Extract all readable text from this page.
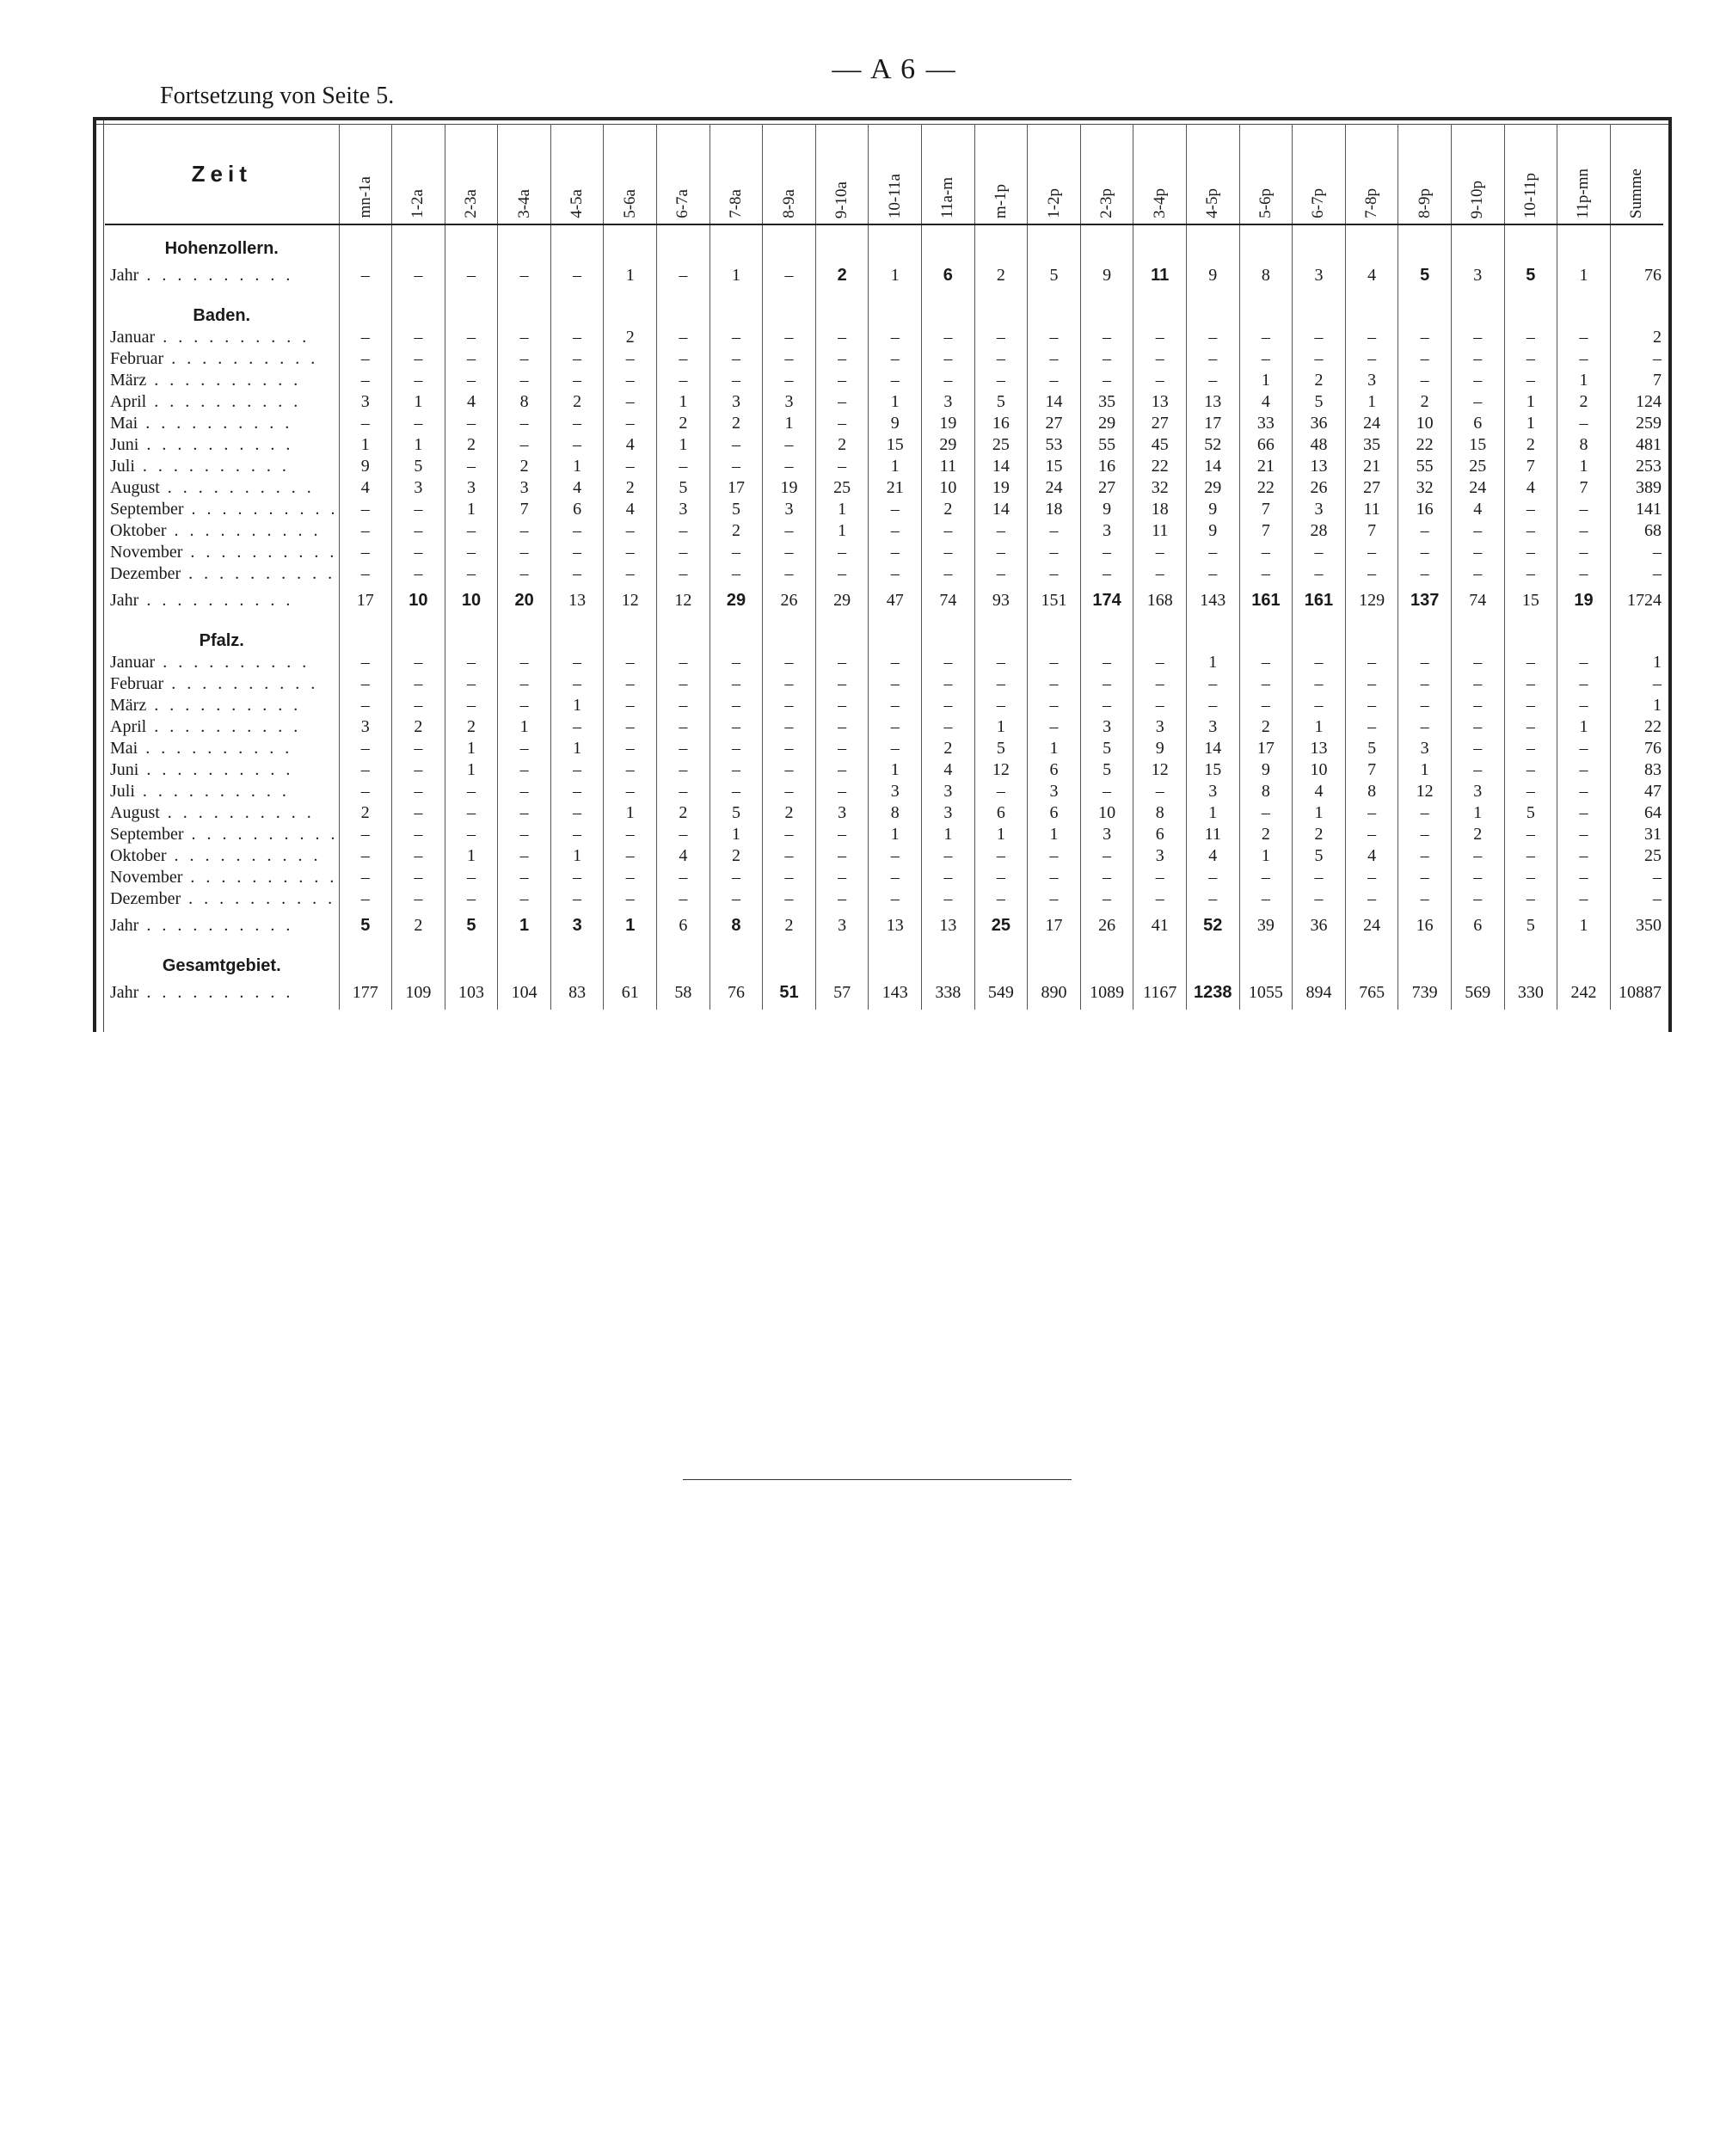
— A 6 —
Fortsetzung von Seite 5.
Zeit	mn-1a	1-2a	2-3a	3-4a	4-5a	5-6a	6-7a	7-8a	8-9a	9-10a	10-11a	11a-m	m-1p	1-2p	2-3p	3-4p	4-5p	5-6p	6-7p	7-8p	8-9p	9-10p	10-11p	11p-mn	Summe
Hohenzollern.																									
Jahr . . .	–	–	–	–	–	1	–	1	–	2	1	6	2	5	9	11	9	8	3	4	5	3	5	1	76
Baden.																									
Januar . . .	–	–	–	–	–	2	–	–	–	–	–	–	–	–	–	–	–	–	–	–	–	–	–	–	2
Februar . . .	–	–	–	–	–	–	–	–	–	–	–	–	–	–	–	–	–	–	–	–	–	–	–	–	–
März . . .	–	–	–	–	–	–	–	–	–	–	–	–	–	–	–	–	–	1	2	3	–	–	–	1	7
April . . .	3	1	4	8	2	–	1	3	3	–	1	3	5	14	35	13	13	4	5	1	2	–	1	2	124
Mai . . .	–	–	–	–	–	–	2	2	1	–	9	19	16	27	29	27	17	33	36	24	10	6	1	–	259
Juni . . .	1	1	2	–	–	4	1	–	–	2	15	29	25	53	55	45	52	66	48	35	22	15	2	8	481
Juli . . .	9	5	–	2	1	–	–	–	–	–	1	11	14	15	16	22	14	21	13	21	55	25	7	1	253
August . . .	4	3	3	3	4	2	5	17	19	25	21	10	19	24	27	32	29	22	26	27	32	24	4	7	389
September . . .	–	–	1	7	6	4	3	5	3	1	–	2	14	18	9	18	9	7	3	11	16	4	–	–	141
Oktober . . .	–	–	–	–	–	–	–	2	–	1	–	–	–	–	3	11	9	7	28	7	–	–	–	–	68
November . . .	–	–	–	–	–	–	–	–	–	–	–	–	–	–	–	–	–	–	–	–	–	–	–	–	–
Dezember . . .	–	–	–	–	–	–	–	–	–	–	–	–	–	–	–	–	–	–	–	–	–	–	–	–	–
Jahr . . .	17	10	10	20	13	12	12	29	26	29	47	74	93	151	174	168	143	161	161	129	137	74	15	19	1724
Pfalz.																									
Januar . . .	–	–	–	–	–	–	–	–	–	–	–	–	–	–	–	–	1	–	–	–	–	–	–	–	1
Februar . . .	–	–	–	–	–	–	–	–	–	–	–	–	–	–	–	–	–	–	–	–	–	–	–	–	–
März . . .	–	–	–	–	1	–	–	–	–	–	–	–	–	–	–	–	–	–	–	–	–	–	–	–	1
April . . .	3	2	2	1	–	–	–	–	–	–	–	–	1	–	3	3	3	2	1	–	–	–	–	1	22
Mai . . .	–	–	1	–	1	–	–	–	–	–	–	2	5	1	5	9	14	17	13	5	3	–	–	–	76
Juni . . .	–	–	1	–	–	–	–	–	–	–	1	4	12	6	5	12	15	9	10	7	1	–	–	–	83
Juli . . .	–	–	–	–	–	–	–	–	–	–	3	3	–	3	–	–	3	8	4	8	12	3	–	–	47
August . . .	2	–	–	–	–	1	2	5	2	3	8	3	6	6	10	8	1	–	1	–	–	1	5	–	64
September . . .	–	–	–	–	–	–	–	1	–	–	1	1	1	1	3	6	11	2	2	–	–	2	–	–	31
Oktober . . .	–	–	1	–	1	–	4	2	–	–	–	–	–	–	–	3	4	1	5	4	–	–	–	–	25
November . . .	–	–	–	–	–	–	–	–	–	–	–	–	–	–	–	–	–	–	–	–	–	–	–	–	–
Dezember . . .	–	–	–	–	–	–	–	–	–	–	–	–	–	–	–	–	–	–	–	–	–	–	–	–	–
Jahr . . .	5	2	5	1	3	1	6	8	2	3	13	13	25	17	26	41	52	39	36	24	16	6	5	1	350
Gesamtgebiet.																									
Jahr . . .	177	109	103	104	83	61	58	76	51	57	143	338	549	890	1089	1167	1238	1055	894	765	739	569	330	242	10887
